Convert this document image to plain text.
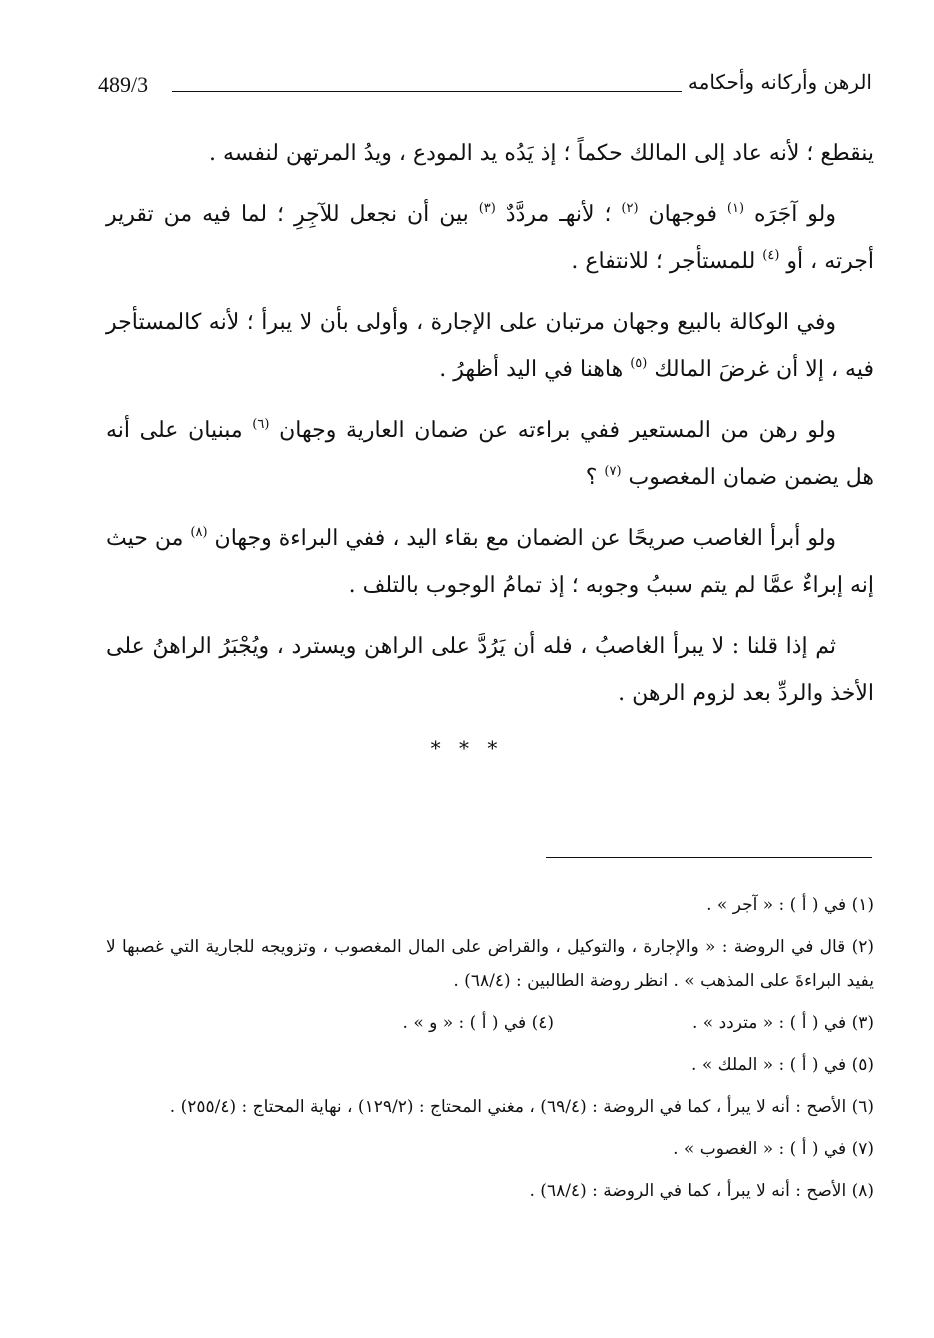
489/3	الرهن وأركانه وأحكامه

ينقطع ؛ لأنه عاد إلى المالك حكماً ؛ إذ يَدُه يد المودع ، ويدُ المرتهن لنفسه .

ولو آجَرَه $^{(١)}$ فوجهان $^{(٢)}$ ؛ لأنهـ مردَّدٌ $^{(٣)}$ بين أن نجعل للآجِرِ ؛ لما فيه من تقرير أجرته ، أو $^{(٤)}$ للمستأجر ؛ للانتفاع .

وفي الوكالة بالبيع وجهان مرتبان على الإجارة ، وأولى بأن لا يبرأ ؛ لأنه كالمستأجر فيه ، إلا أن غرضَ المالك $^{(٥)}$ هاهنا في اليد أظهرُ .

ولو رهن من المستعير ففي براءته عن ضمان العارية وجهان $^{(٦)}$ مبنيان على أنه هل يضمن ضمان المغصوب $^{(٧)}$ ؟

ولو أبرأ الغاصب صريحًا عن الضمان مع بقاء اليد ، ففي البراءة وجهان $^{(٨)}$ من حيث إنه إبراءٌ عمَّا لم يتم سببُ وجوبه ؛ إذ تمامُ الوجوب بالتلف .

ثم إذا قلنا : لا يبرأ الغاصبُ ، فله أن يَرُدَّ على الراهن ويسترد ، ويُجْبَرُ الراهنُ على الأخذ والردِّ بعد لزوم الرهن .

* * *

(١) في ( أ ) : « آجر » .

(٢) قال في الروضة : « والإجارة ، والتوكيل ، والقراض على المال المغصوب ، وتزويجه للجارية التي غصبها لا يفيد البراءةَ على المذهب » . انظر روضة الطالبين : (٦٨/٤) .

(٣) في ( أ ) : « متردد » .
(٤) في ( أ ) : « و » .

(٥) في ( أ ) : « الملك » .

(٦) الأصح : أنه لا يبرأ ، كما في الروضة : (٦٩/٤) ، مغني المحتاج : (١٢٩/٢) ، نهاية المحتاج : (٢٥٥/٤) .

(٧) في ( أ ) : « الغصوب » .

(٨) الأصح : أنه لا يبرأ ، كما في الروضة : (٦٨/٤) .
